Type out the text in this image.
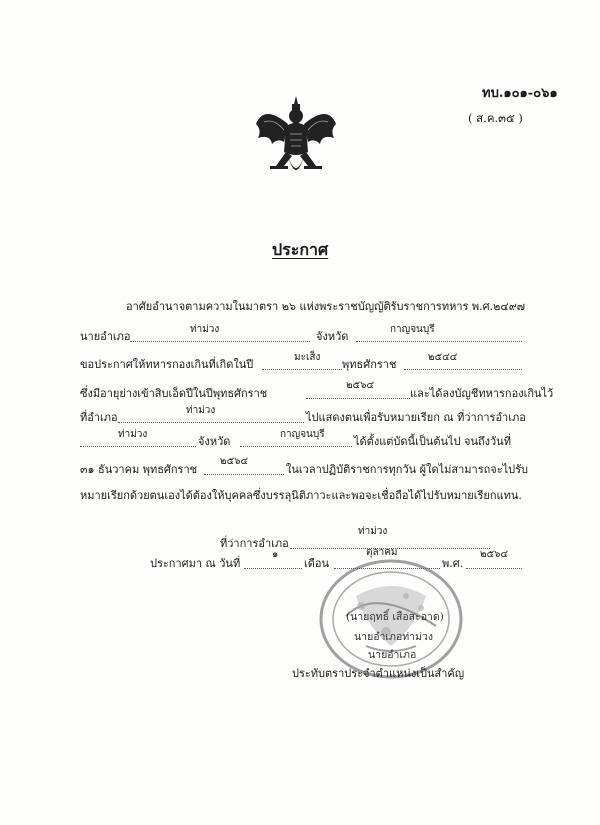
ทบ.๑๐๑-๐๖๑
( ส.ค.๓๕ )
ประกาศ
อาศัยอำนาจตามความในมาตรา ๒๖ แห่งพระราชบัญญัติรับราชการทหาร พ.ศ.๒๔๙๗
นายอำเภอ
ท่าม่วง
จังหวัด
กาญจนบุรี
ขอประกาศให้ทหารกองเกินที่เกิดในปี
มะเส็ง
พุทธศักราช
๒๕๔๔
ซึ่งมีอายุย่างเข้าสิบเอ็ดปีในปีพุทธศักราช
๒๕๖๔
และได้ลงบัญชีทหารกองเกินไว้
ที่อำเภอ
ท่าม่วง
ไปแสดงตนเพื่อรับหมายเรียก ณ ที่ว่าการอำเภอ
ท่าม่วง
จังหวัด
กาญจนบุรี
ได้ตั้งแต่บัดนี้เป็นต้นไป จนถึงวันที่
๓๑ ธันวาคม พุทธศักราช
๒๕๖๔
ในเวลาปฏิบัติราชการทุกวัน ผู้ใดไม่สามารถจะไปรับ
หมายเรียกด้วยตนเองได้ต้องให้บุคคลซึ่งบรรลุนิติภาวะและพอจะเชื่อถือได้ไปรับหมายเรียกแทน.
ที่ว่าการอำเภอ
ท่าม่วง
ประกาศมา ณ วันที่
๑
เดือน
ตุลาคม
พ.ศ.
๒๕๖๔
(นายฤทธิ์ เสือสะอาด)
นายอำเภอท่าม่วง
นายอำเภอ
ประทับตราประจำตำแหน่งเป็นสำคัญ
